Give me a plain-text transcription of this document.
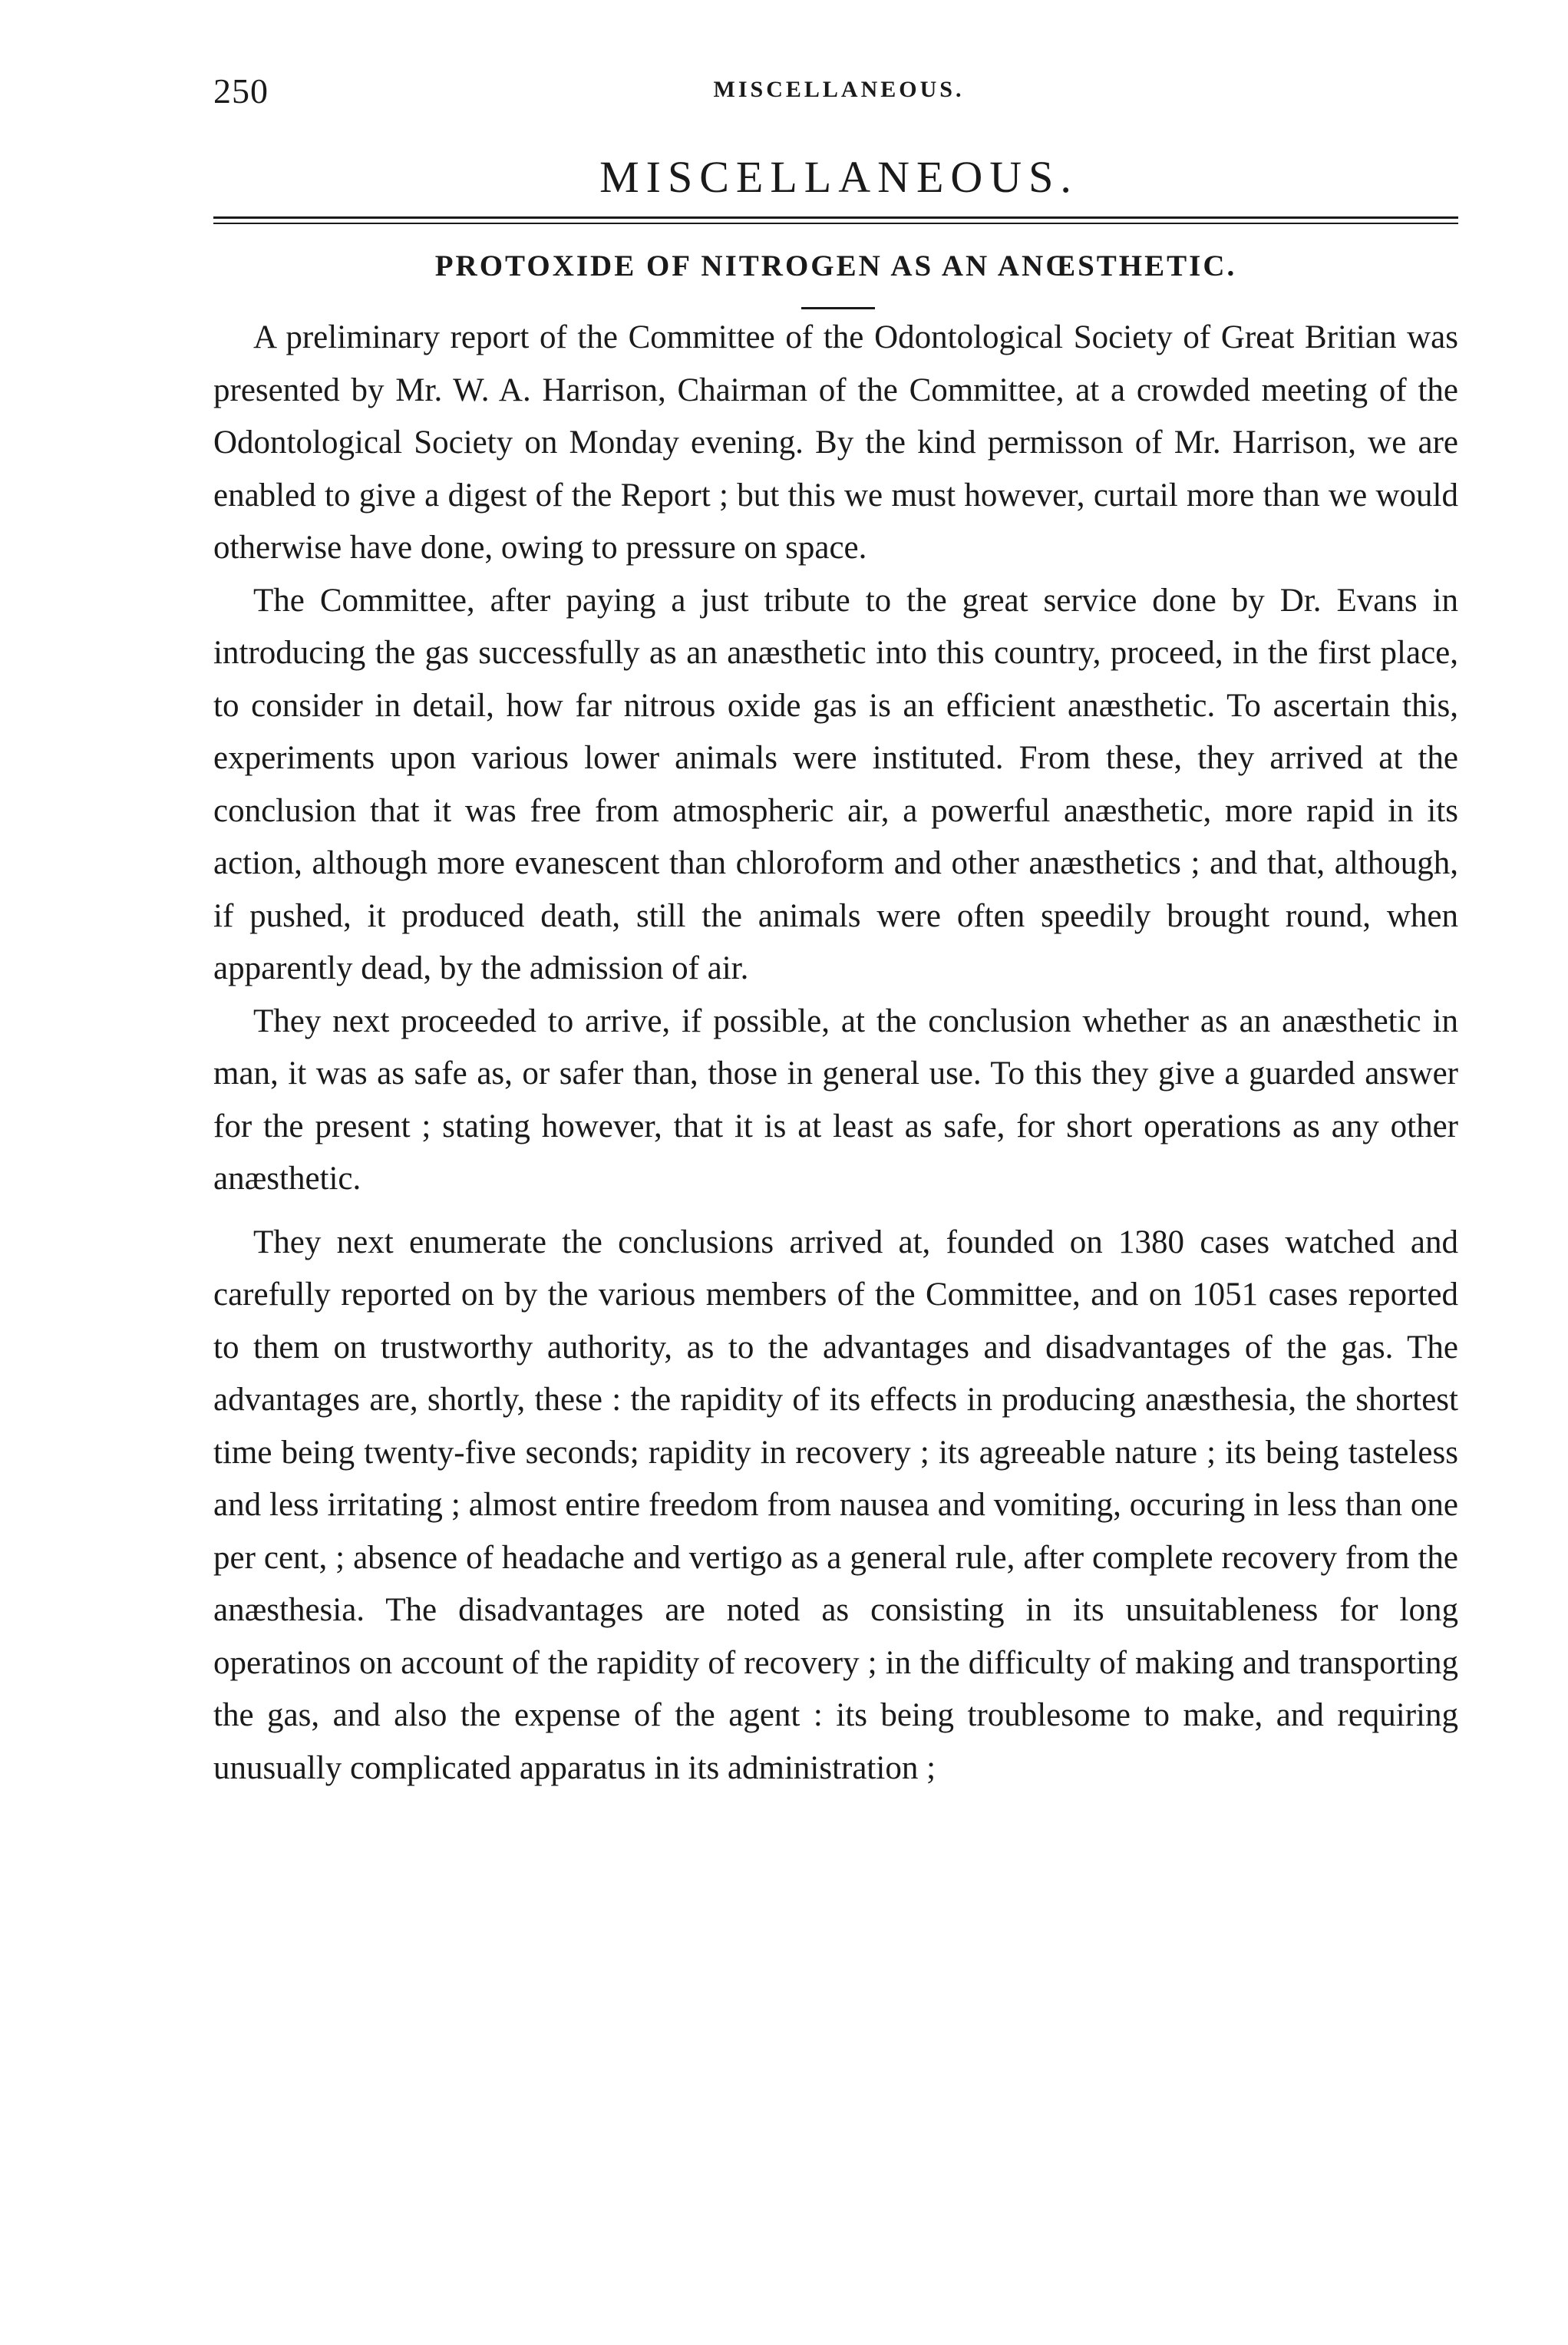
250	MISCELLANEOUS.
MISCELLANEOUS.
PROTOXIDE OF NITROGEN AS AN ANŒSTHETIC.

A preliminary report of the Committee of the Odontological Society of Great Britian was presented by Mr. W. A. Harrison, Chairman of the Committee, at a crowded meeting of the Odontological Society on Monday evening. By the kind permisson of Mr. Harrison, we are enabled to give a digest of the Report ; but this we must however, curtail more than we would otherwise have done, owing to pressure on space.

The Committee, after paying a just tribute to the great service done by Dr. Evans in introducing the gas successfully as an anæsthetic into this country, proceed, in the first place, to consider in detail, how far nitrous oxide gas is an efficient anæsthetic. To ascertain this, experiments upon various lower animals were instituted. From these, they arrived at the conclusion that it was free from atmospheric air, a powerful anæsthetic, more rapid in its action, although more evanescent than chloroform and other anæsthetics ; and that, although, if pushed, it produced death, still the animals were often speedily brought round, when apparently dead, by the admission of air.

They next proceeded to arrive, if possible, at the conclusion whether as an anæsthetic in man, it was as safe as, or safer than, those in general use. To this they give a guarded answer for the present ; stating however, that it is at least as safe, for short operations as any other anæsthetic.

They next enumerate the conclusions arrived at, founded on 1380 cases watched and carefully reported on by the various members of the Committee, and on 1051 cases reported to them on trustworthy authority, as to the advantages and disadvantages of the gas. The advantages are, shortly, these : the rapidity of its effects in producing anæsthesia, the shortest time being twenty-five seconds; rapidity in recovery ; its agreeable nature ; its being tasteless and less irritating ; almost entire freedom from nausea and vomiting, occuring in less than one per cent, ; absence of headache and vertigo as a general rule, after complete recovery from the anæsthesia. The disadvantages are noted as consisting in its unsuitableness for long operatinos on account of the rapidity of recovery ; in the difficulty of making and transporting the gas, and also the expense of the agent : its being troublesome to make, and requiring unusually complicated apparatus in its administration ;
